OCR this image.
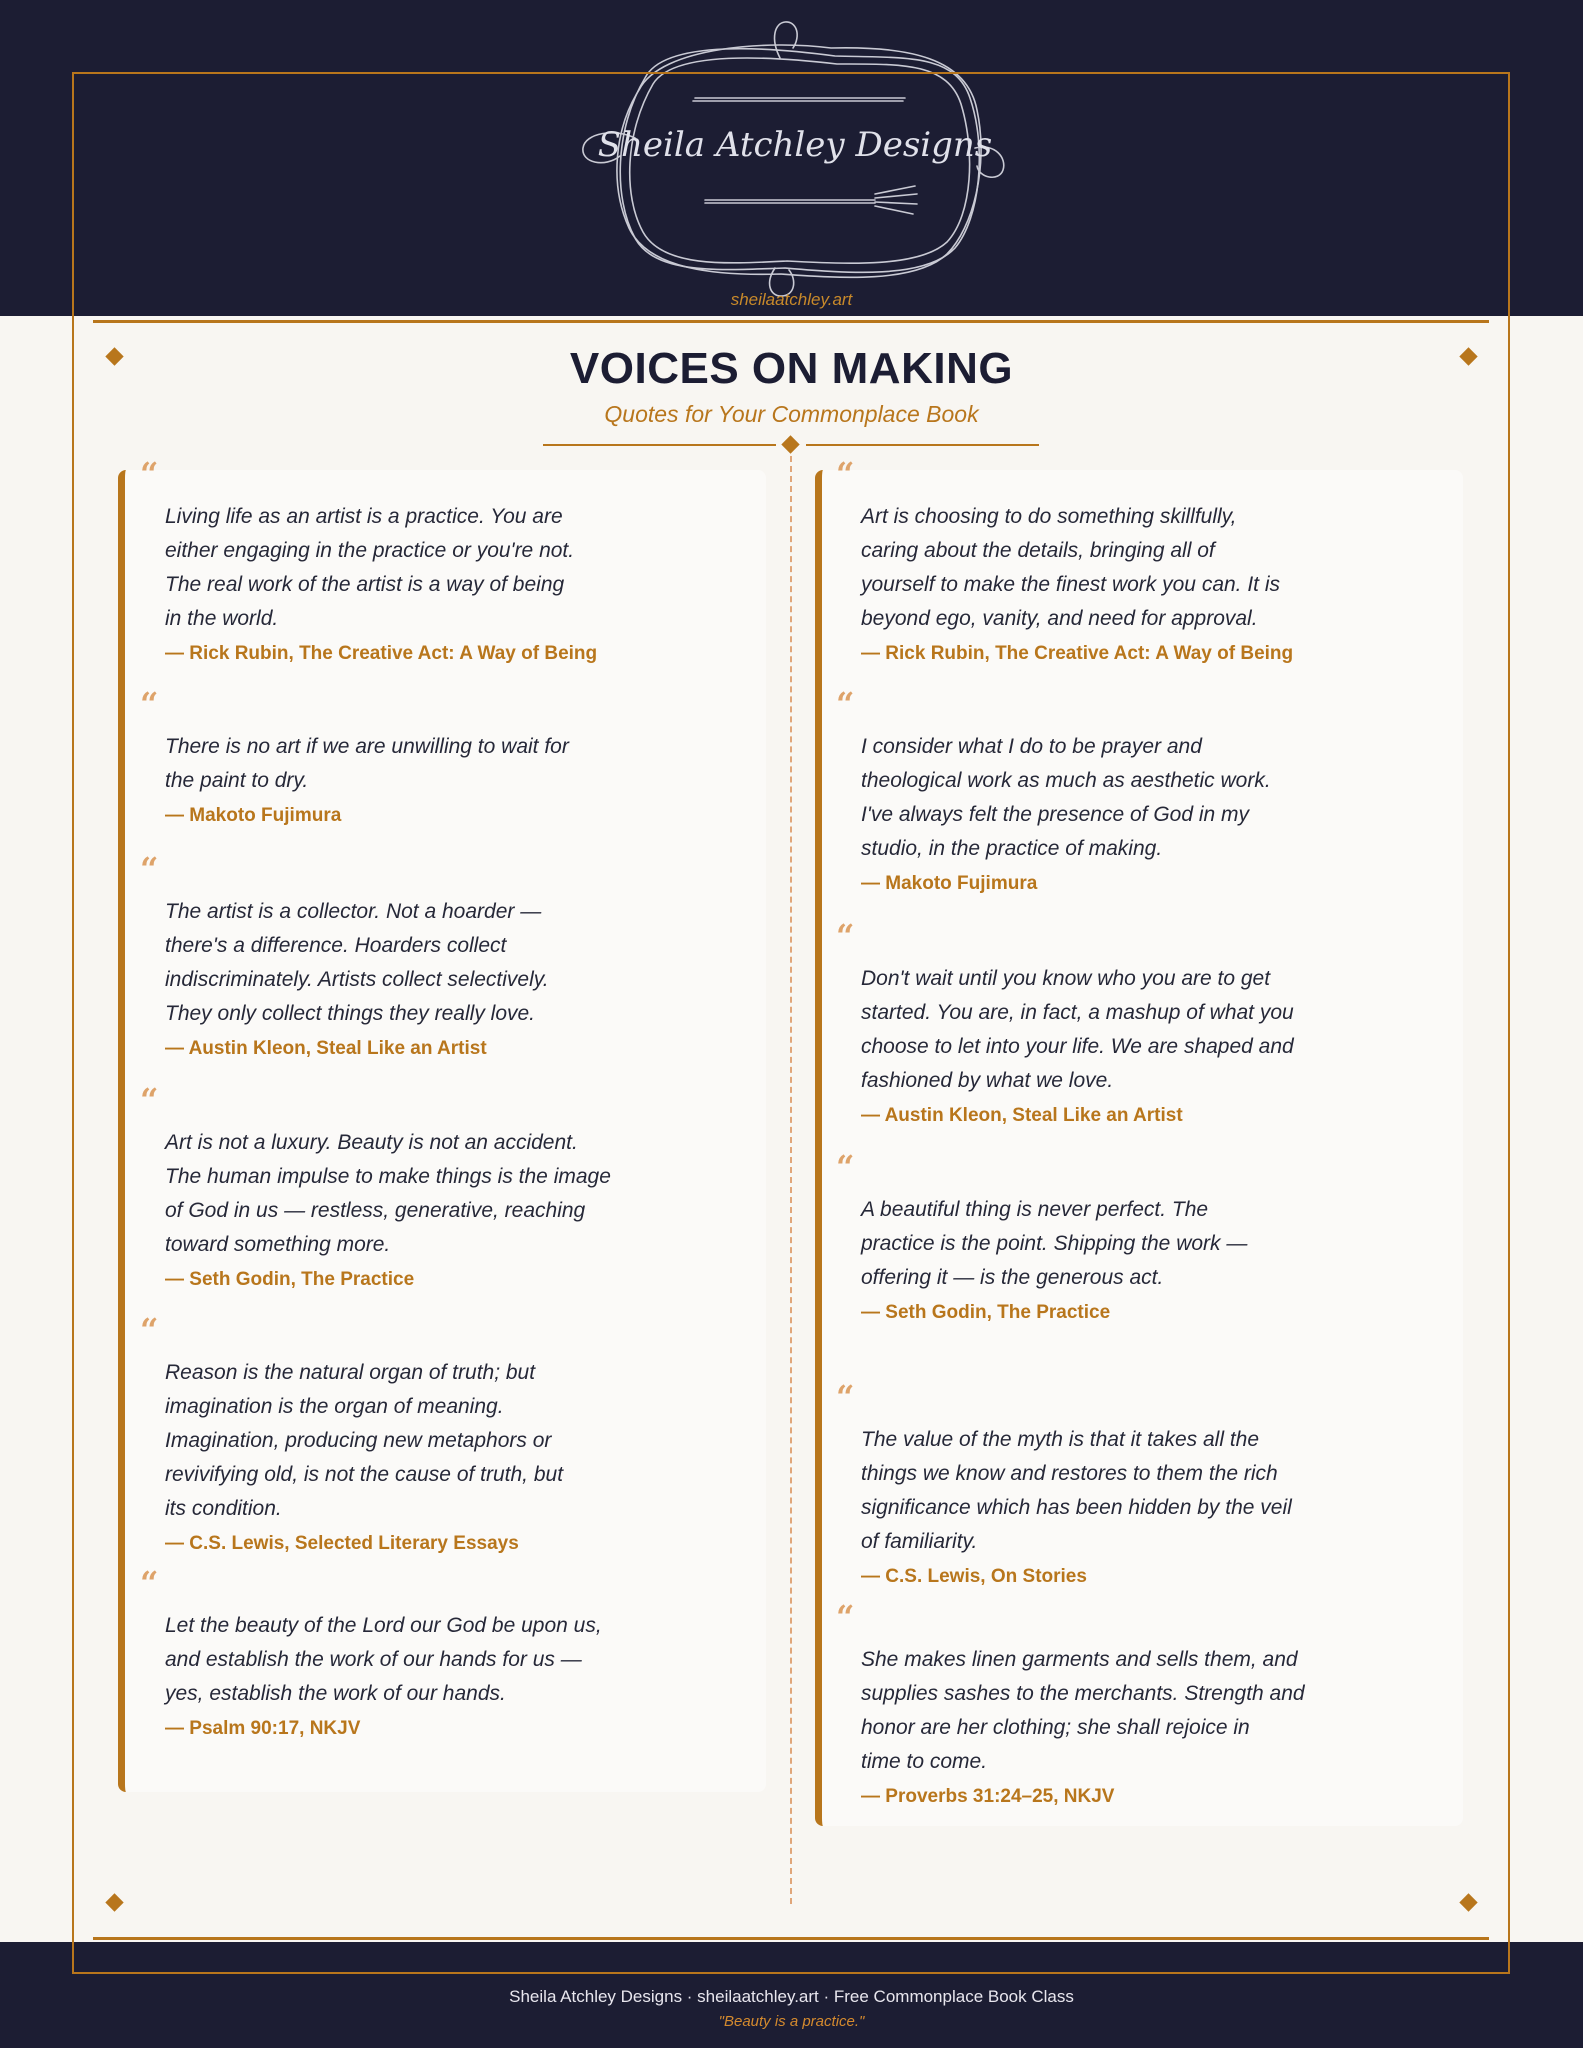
Sheila Atchley Designs
sheilaatchley.art
VOICES ON MAKING
Quotes for Your Commonplace Book
“
Living life as an artist is a practice. You are
either engaging in the practice or you're not.
The real work of the artist is a way of being
in the world.
— Rick Rubin, The Creative Act: A Way of Being
“
There is no art if we are unwilling to wait for
the paint to dry.
— Makoto Fujimura
“
The artist is a collector. Not a hoarder —
there's a difference. Hoarders collect
indiscriminately. Artists collect selectively.
They only collect things they really love.
— Austin Kleon, Steal Like an Artist
“
Art is not a luxury. Beauty is not an accident.
The human impulse to make things is the image
of God in us — restless, generative, reaching
toward something more.
— Seth Godin, The Practice
“
Reason is the natural organ of truth; but
imagination is the organ of meaning.
Imagination, producing new metaphors or
revivifying old, is not the cause of truth, but
its condition.
— C.S. Lewis, Selected Literary Essays
“
Let the beauty of the Lord our God be upon us,
and establish the work of our hands for us —
yes, establish the work of our hands.
— Psalm 90:17, NKJV
“
Art is choosing to do something skillfully,
caring about the details, bringing all of
yourself to make the finest work you can. It is
beyond ego, vanity, and need for approval.
— Rick Rubin, The Creative Act: A Way of Being
“
I consider what I do to be prayer and
theological work as much as aesthetic work.
I've always felt the presence of God in my
studio, in the practice of making.
— Makoto Fujimura
“
Don't wait until you know who you are to get
started. You are, in fact, a mashup of what you
choose to let into your life. We are shaped and
fashioned by what we love.
— Austin Kleon, Steal Like an Artist
“
A beautiful thing is never perfect. The
practice is the point. Shipping the work —
offering it — is the generous act.
— Seth Godin, The Practice
“
The value of the myth is that it takes all the
things we know and restores to them the rich
significance which has been hidden by the veil
of familiarity.
— C.S. Lewis, On Stories
“
She makes linen garments and sells them, and
supplies sashes to the merchants. Strength and
honor are her clothing; she shall rejoice in
time to come.
— Proverbs 31:24–25, NKJV
Sheila Atchley Designs · sheilaatchley.art · Free Commonplace Book Class
"Beauty is a practice."
